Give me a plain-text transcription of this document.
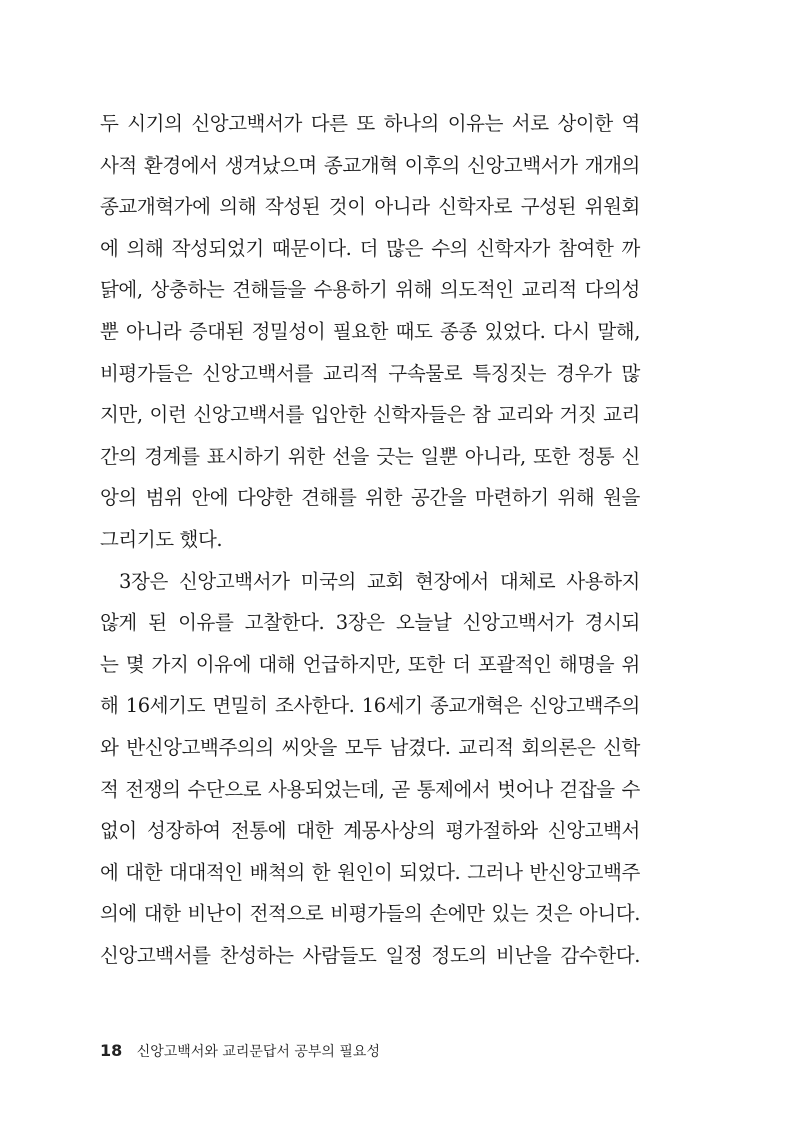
두 시기의 신앙고백서가 다른 또 하나의 이유는 서로 상이한 역
사적 환경에서 생겨났으며 종교개혁 이후의 신앙고백서가 개개의
종교개혁가에 의해 작성된 것이 아니라 신학자로 구성된 위원회
에 의해 작성되었기 때문이다. 더 많은 수의 신학자가 참여한 까
닭에, 상충하는 견해들을 수용하기 위해 의도적인 교리적 다의성
뿐 아니라 증대된 정밀성이 필요한 때도 종종 있었다. 다시 말해,
비평가들은 신앙고백서를 교리적 구속물로 특징짓는 경우가 많
지만, 이런 신앙고백서를 입안한 신학자들은 참 교리와 거짓 교리
간의 경계를 표시하기 위한 선을 긋는 일뿐 아니라, 또한 정통 신
앙의 범위 안에 다양한 견해를 위한 공간을 마련하기 위해 원을
그리기도 했다.
3장은 신앙고백서가 미국의 교회 현장에서 대체로 사용하지
않게 된 이유를 고찰한다. 3장은 오늘날 신앙고백서가 경시되
는 몇 가지 이유에 대해 언급하지만, 또한 더 포괄적인 해명을 위
해 16세기도 면밀히 조사한다. 16세기 종교개혁은 신앙고백주의
와 반신앙고백주의의 씨앗을 모두 남겼다. 교리적 회의론은 신학
적 전쟁의 수단으로 사용되었는데, 곧 통제에서 벗어나 걷잡을 수
없이 성장하여 전통에 대한 계몽사상의 평가절하와 신앙고백서
에 대한 대대적인 배척의 한 원인이 되었다. 그러나 반신앙고백주
의에 대한 비난이 전적으로 비평가들의 손에만 있는 것은 아니다.
신앙고백서를 찬성하는 사람들도 일정 정도의 비난을 감수한다.
18 신앙고백서와 교리문답서 공부의 필요성
